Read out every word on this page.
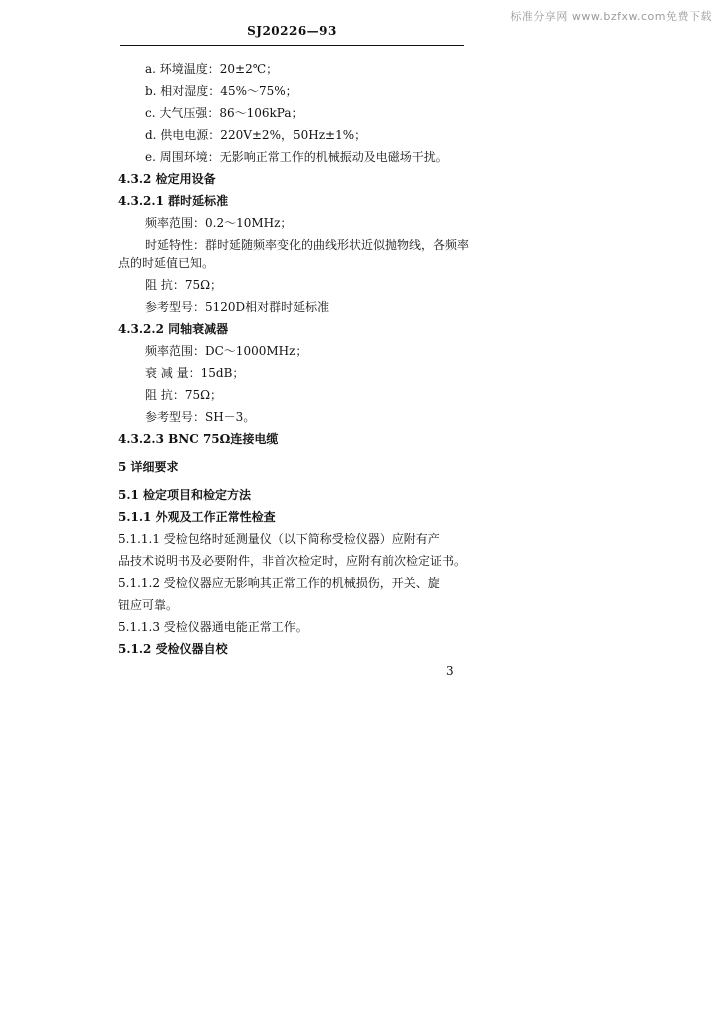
标准分享网 www.bzfxw.com免费下载
SJ20226—93
a. 环境温度：20±2℃；
b. 相对湿度：45%～75%；
c. 大气压强：86～106kPa；
d. 供电电源：220V±2%，50Hz±1%；
e. 周围环境：无影响正常工作的机械振动及电磁场干扰。
4.3.2 检定用设备
4.3.2.1 群时延标准
频率范围：0.2～10MHz；
时延特性：群时延随频率变化的曲线形状近似抛物线，各频率
点的时延值已知。
阻 抗：75Ω；
参考型号：5120D相对群时延标准
4.3.2.2 同轴衰减器
频率范围：DC～1000MHz；
衰 减 量：15dB；
阻 抗：75Ω；
参考型号：SH－3。
4.3.2.3 BNC 75Ω连接电缆
5 详细要求
5.1 检定项目和检定方法
5.1.1 外观及工作正常性检查
5.1.1.1 受检包络时延测量仪（以下简称受检仪器）应附有产
品技术说明书及必要附件，非首次检定时，应附有前次检定证书。
5.1.1.2 受检仪器应无影响其正常工作的机械损伤，开关、旋
钮应可靠。
5.1.1.3 受检仪器通电能正常工作。
5.1.2 受检仪器自校
3
